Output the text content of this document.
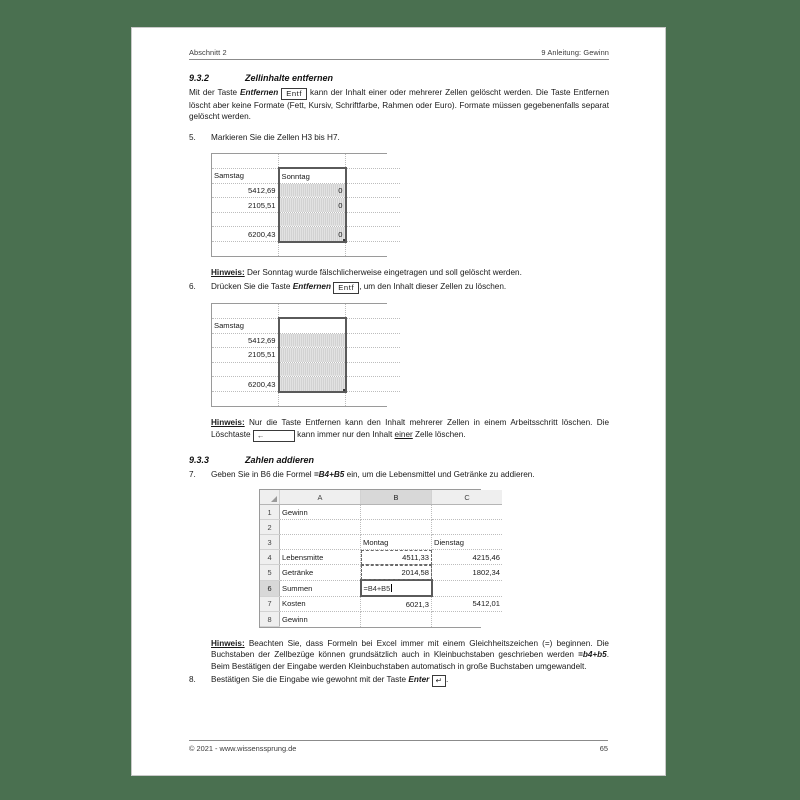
Abschnitt 2	9 Anleitung: Gewinn
9.3.2	Zellinhalte entfernen

Mit der Taste Entfernen Entf kann der Inhalt einer oder mehrerer Zellen gelöscht werden. Die Taste Entfernen löscht aber keine Formate (Fett, Kursiv, Schriftfarbe, Rahmen oder Euro). Formate müssen gegebenenfalls separat gelöscht werden.

5.	Markieren Sie die Zellen H3 bis H7.

Samstag	Sonntag	
5412,69	0	
2105,51	0	

6200,43	0	

Hinweis: Der Sonntag wurde fälschlicherweise eingetragen und soll gelöscht werden.
6.	Drücken Sie die Taste Entfernen Entf , um den Inhalt dieser Zellen zu löschen.

Samstag		
5412,69		
2105,51		

6200,43		

Hinweis: Nur die Taste Entfernen kann den Inhalt mehrerer Zellen in einem Arbeitsschritt löschen. Die Löschtaste ←	kann immer nur den Inhalt einer Zelle löschen.
9.3.3	Zahlen addieren
7.	Geben Sie in B6 die Formel =B4+B5 ein, um die Lebensmittel und Getränke zu addieren.
	A	B	C
1	Gewinn		
2			
3		Montag	Dienstag
4	Lebensmitte	4511,33	4215,46
5	Getränke	2014,58	1802,34
6	Summen	=B4+B5	
7	Kosten	6021,3	5412,01
8	Gewinn		
Hinweis: Beachten Sie, dass Formeln bei Excel immer mit einem Gleichheitszeichen (=) beginnen. Die Buchstaben der Zellbezüge können grundsätzlich auch in Kleinbuchstaben geschrieben werden =b4+b5. Beim Bestätigen der Eingabe werden Kleinbuchstaben automatisch in große Buchstaben umgewandelt.
8.	Bestätigen Sie die Eingabe wie gewohnt mit der Taste Enter ↵ .
© 2021 - www.wissenssprung.de	65
